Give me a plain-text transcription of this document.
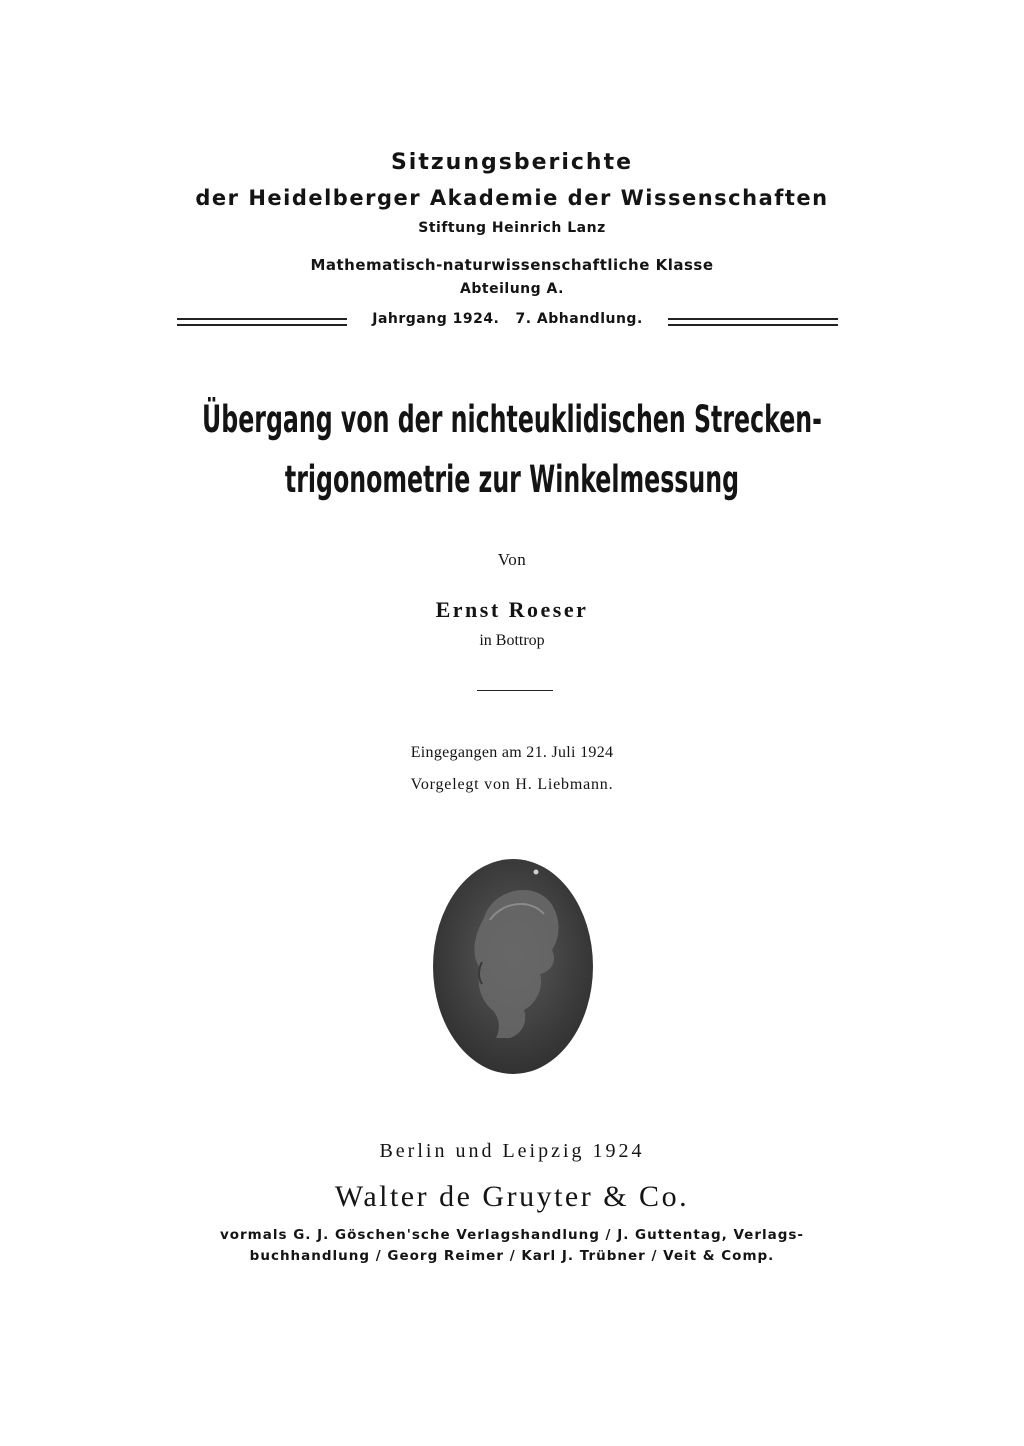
Sitzungsberichte
der Heidelberger Akademie der Wissenschaften
Stiftung Heinrich Lanz
Mathematisch-naturwissenschaftliche Klasse
Abteilung A.
Jahrgang 1924.   7. Abhandlung.
Übergang von der nichteuklidischen Strecken-
trigonometrie zur Winkelmessung
Von
Ernst Roeser
in Bottrop
Eingegangen am 21. Juli 1924
Vorgelegt von H. Liebmann.
Berlin und Leipzig 1924
Walter de Gruyter & Co.
vormals G. J. Göschen'sche Verlagshandlung / J. Guttentag, Verlags-
buchhandlung / Georg Reimer / Karl J. Trübner / Veit & Comp.
